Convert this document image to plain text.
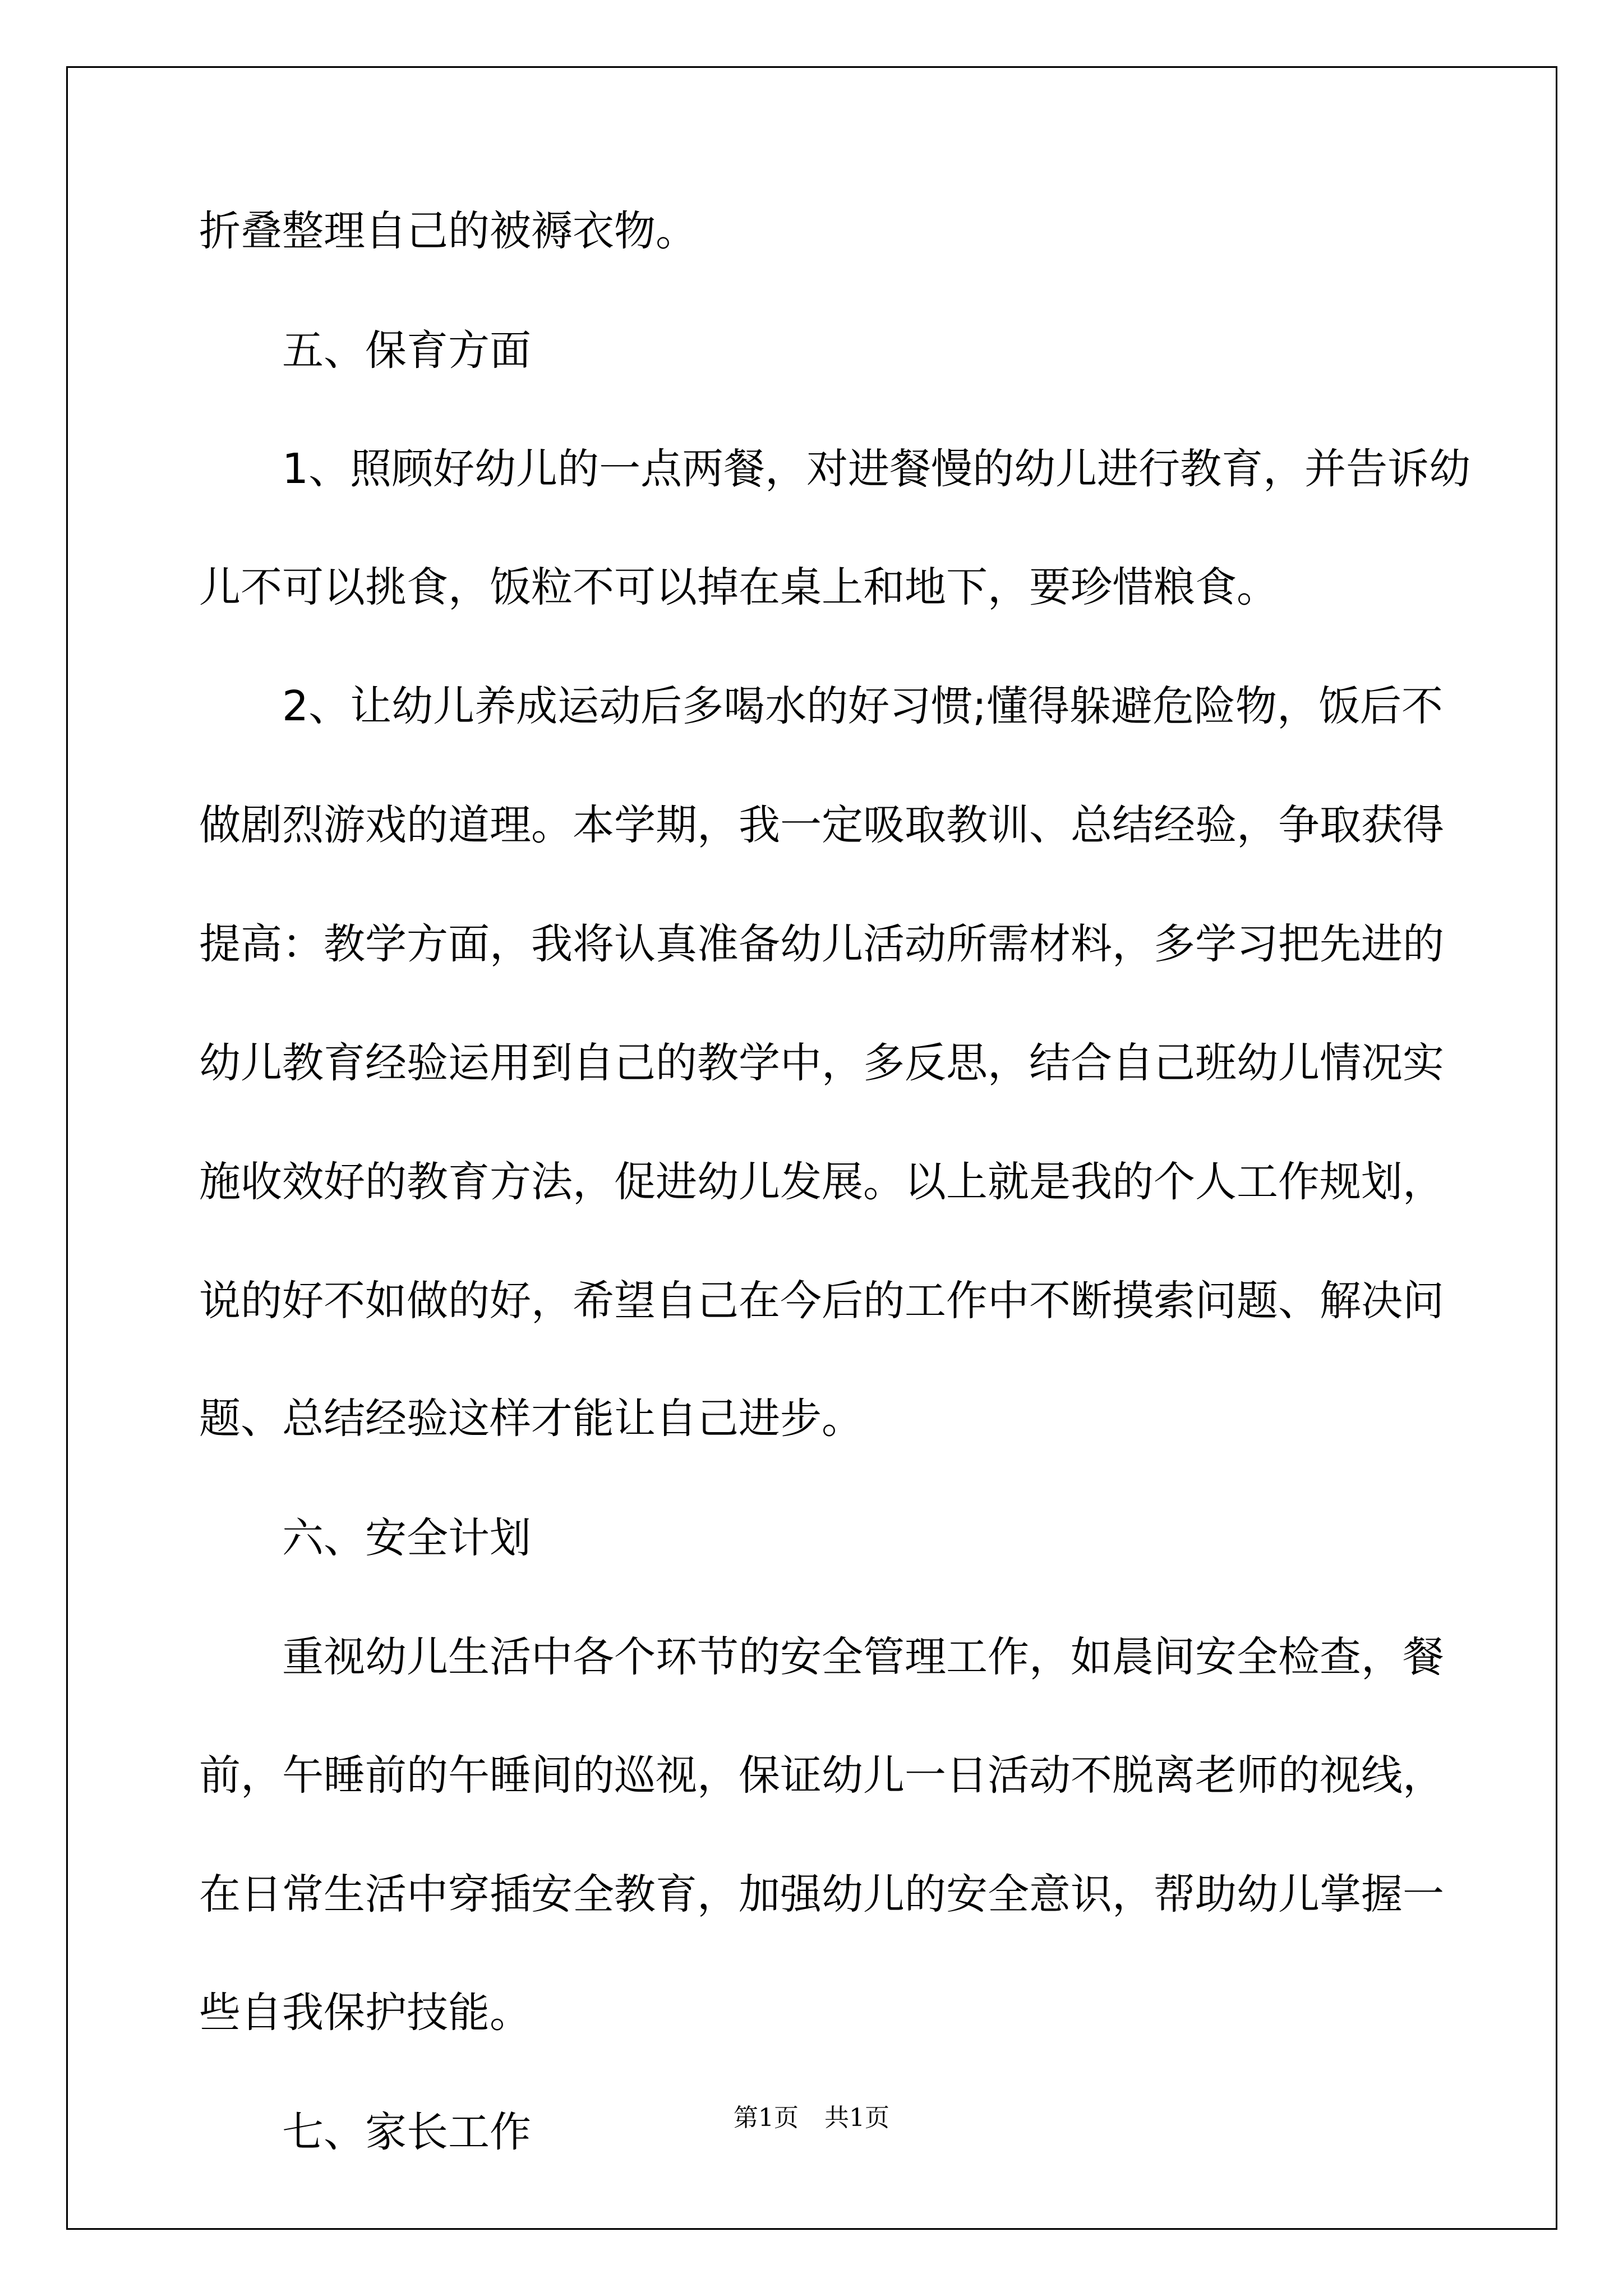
折叠整理自己的被褥衣物。
五、保育方面
1、照顾好幼儿的一点两餐，对进餐慢的幼儿进行教育，并告诉幼
儿不可以挑食，饭粒不可以掉在桌上和地下，要珍惜粮食。
2、让幼儿养成运动后多喝水的好习惯;懂得躲避危险物，饭后不
做剧烈游戏的道理。本学期，我一定吸取教训、总结经验，争取获得
提高：教学方面，我将认真准备幼儿活动所需材料，多学习把先进的
幼儿教育经验运用到自己的教学中，多反思，结合自己班幼儿情况实
施收效好的教育方法，促进幼儿发展。以上就是我的个人工作规划，
说的好不如做的好，希望自己在今后的工作中不断摸索问题、解决问
题、总结经验这样才能让自己进步。
六、安全计划
重视幼儿生活中各个环节的安全管理工作，如晨间安全检查，餐
前，午睡前的午睡间的巡视，保证幼儿一日活动不脱离老师的视线，
在日常生活中穿插安全教育，加强幼儿的安全意识，帮助幼儿掌握一
些自我保护技能。
七、家长工作	第1页 共1页
